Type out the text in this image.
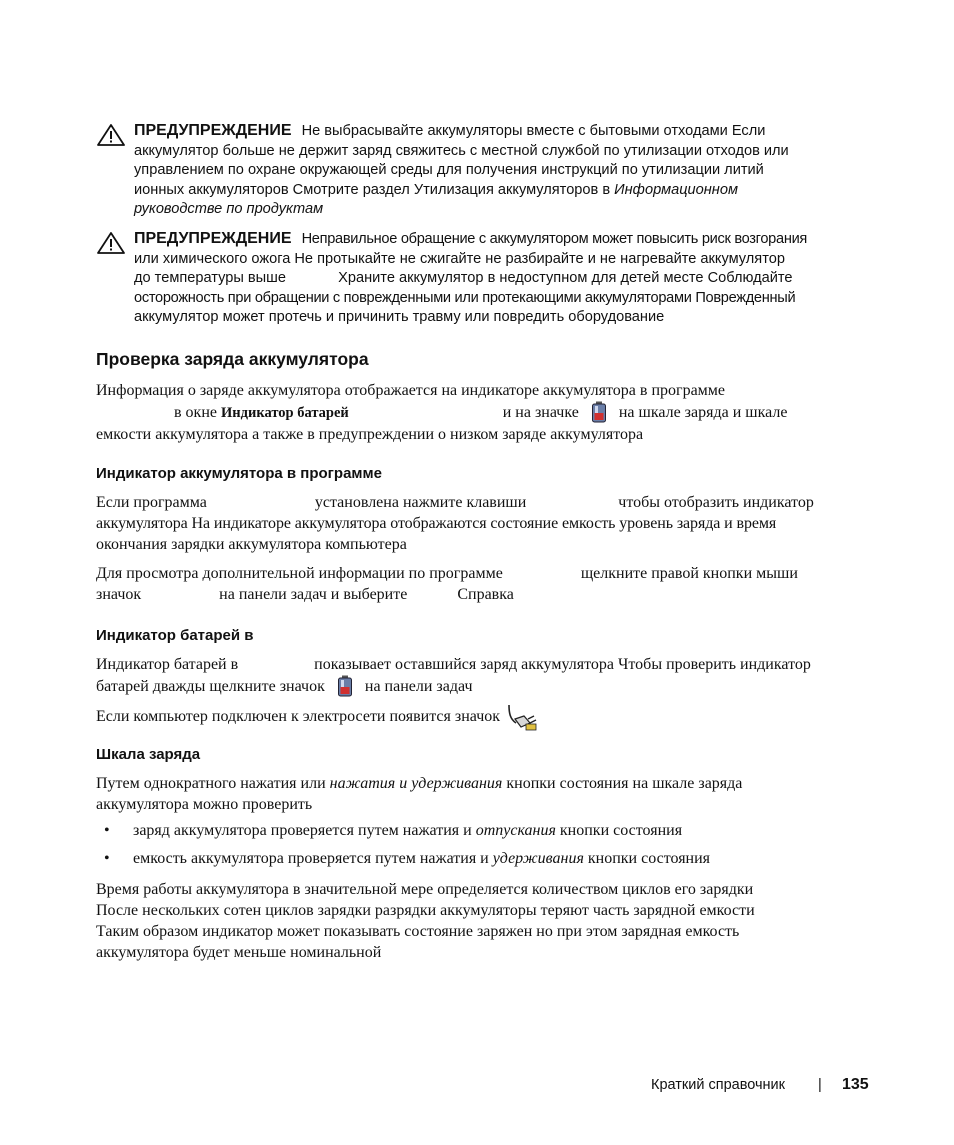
ПРЕДУПРЕЖДЕНИЕ Не выбрасывайте аккумуляторы вместе с бытовыми отходами Если
аккумулятор больше не держит заряд свяжитесь с местной службой по утилизации отходов или
управлением по охране окружающей среды для получения инструкций по утилизации литий
ионных аккумуляторов Смотрите раздел Утилизация аккумуляторов в Информационном
руководстве по продуктам
ПРЕДУПРЕЖДЕНИЕ Неправильное обращение с аккумулятором может повысить риск возгорания
или химического ожога Не протыкайте не сжигайте не разбирайте и не нагревайте аккумулятор
до температуры выше	Храните аккумулятор в недоступном для детей месте Соблюдайте
осторожность при обращении с поврежденными или протекающими аккумуляторами Поврежденный
аккумулятор может протечь и причинить травму или повредить оборудование
Проверка заряда аккумулятора
Информация о заряде аккумулятора отображается на индикаторе аккумулятора в программе
в окне Индикатор батарей	и на значке	на шкале заряда и шкале
емкости аккумулятора а также в предупреждении о низком заряде аккумулятора
Индикатор аккумулятора в программе
Если программа	установлена нажмите клавиши	чтобы отобразить индикатор
аккумулятора На индикаторе аккумулятора отображаются состояние емкость уровень заряда и время
окончания зарядки аккумулятора компьютера
Для просмотра дополнительной информации по программе	щелкните правой кнопки мыши
значок	на панели задач и выберите	Справка
Индикатор батарей в
Индикатор батарей в	показывает оставшийся заряд аккумулятора Чтобы проверить индикатор
батарей дважды щелкните значок	на панели задач
Если компьютер подключен к электросети появится значок
Шкала заряда
Путем однократного нажатия или нажатия и удерживания кнопки состояния на шкале заряда
аккумулятора можно проверить
• заряд аккумулятора проверяется путем нажатия и отпускания кнопки состояния
• емкость аккумулятора проверяется путем нажатия и удерживания кнопки состояния
Время работы аккумулятора в значительной мере определяется количеством циклов его зарядки
После нескольких сотен циклов зарядки разрядки аккумуляторы теряют часть зарядной емкости
Таким образом индикатор может показывать состояние заряжен но при этом зарядная емкость
аккумулятора будет меньше номинальной
Краткий справочник | 135
